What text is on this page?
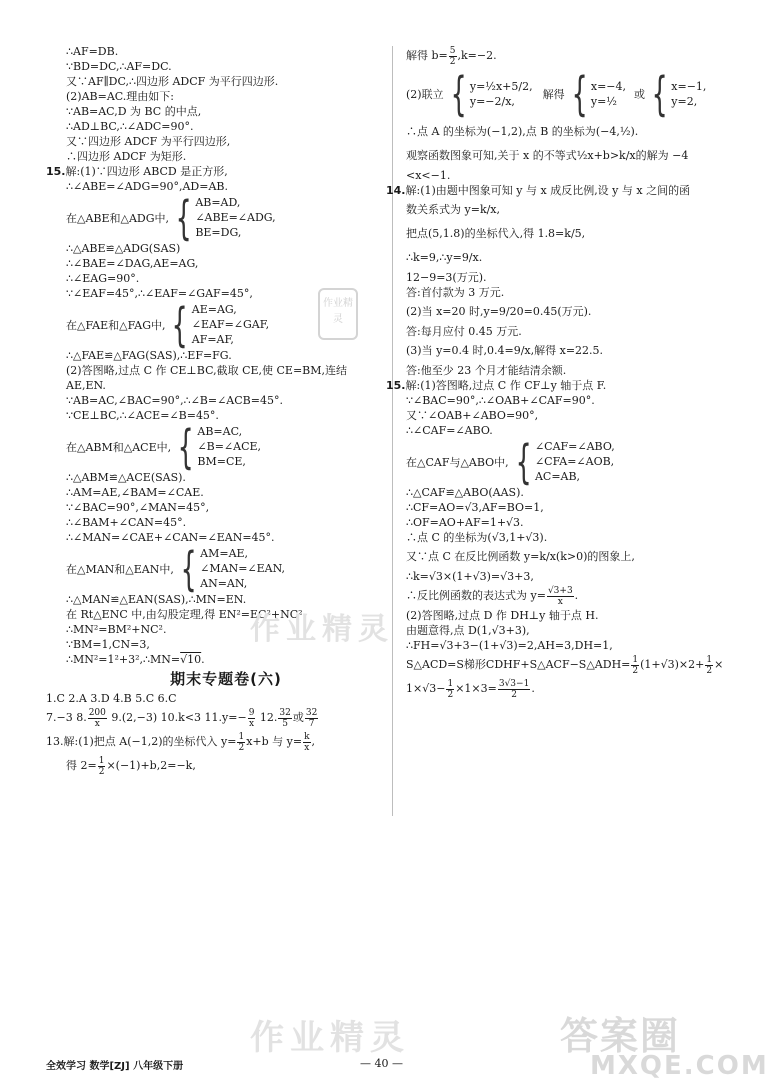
∴AF=DB.
∵BD=DC,∴AF=DC.
又∵AF∥DC,∴四边形 ADCF 为平行四边形.
(2)AB=AC.理由如下:
∵AB=AC,D 为 BC 的中点,
∴AD⊥BC,∴∠ADC=90°.
又∵四边形 ADCF 为平行四边形,
∴四边形 ADCF 为矩形.
15.解:(1)∵四边形 ABCD 是正方形,
∴∠ABE=∠ADG=90°,AD=AB.
在△ABE和△ADG中, { AB=AD,
∠ABE=∠ADG,
BE=DG,
∴△ABE≌△ADG(SAS)
∴∠BAE=∠DAG,AE=AG,
∴∠EAG=90°.
∵∠EAF=45°,∴∠EAF=∠GAF=45°,
在△FAE和△FAG中, { AE=AG,
∠EAF=∠GAF,
AF=AF,
∴△FAE≌△FAG(SAS),∴EF=FG.
(2)答图略,过点 C 作 CE⊥BC,截取 CE,使 CE=BM,连结
AE,EN.
∵AB=AC,∠BAC=90°,∴∠B=∠ACB=45°.
∵CE⊥BC,∴∠ACE=∠B=45°.
在△ABM和△ACE中, { AB=AC,
∠B=∠ACE,
BM=CE,
∴△ABM≌△ACE(SAS).
∴AM=AE,∠BAM=∠CAE.
∵∠BAC=90°,∠MAN=45°,
∴∠BAM+∠CAN=45°.
∴∠MAN=∠CAE+∠CAN=∠EAN=45°.
在△MAN和△EAN中, { AM=AE,
∠MAN=∠EAN,
AN=AN,
∴△MAN≌△EAN(SAS),∴MN=EN.
在 Rt△ENC 中,由勾股定理,得 EN²=EC²+NC².
∴MN²=BM²+NC².
∵BM=1,CN=3,
∴MN²=1²+3²,∴MN=√10.
期末专题卷(六)
1.C 2.A 3.D 4.B 5.C 6.C
7.−3 8. $\frac{200}{x} 9.(2,-3)$ 10.k<3 $11.y=- \frac{9}{x} 12$. $\frac{32}{5}$ 或 $\frac{32}{7}$
13.解:(1)把点 A(−1,2)的坐标代入 $y= \frac{1}{2} x+b$ 与 $y= \frac{k}{x}$ ,
得 $2= \frac{1}{2} \times(-1)+b,2=-k$,
解得 $b= \frac{5}{2} ,k=-2$.
(2)联立 { y=½x+5/2,
y=−2/x,
解得 { x=−4,
y=½
或 { x=−1,
y=2,
∴点 A 的坐标为(−1,2),点 B 的坐标为(−4,½).
观察函数图象可知,关于 x 的不等式½x+b>k/x的解为 −4
<x<−1.
14.解:(1)由题中图象可知 y 与 x 成反比例,设 y 与 x 之间的函
数关系式为 y=k/x,
把点(5,1.8)的坐标代入,得 1.8=k/5,
∴k=9,∴y=9/x.
12−9=3(万元).
答:首付款为 3 万元.
(2)当 x=20 时,y=9/20=0.45(万元).
答:每月应付 0.45 万元.
(3)当 y=0.4 时,0.4=9/x,解得 x=22.5.
答:他至少 23 个月才能结清余额.
15.解:(1)答图略,过点 C 作 CF⊥y 轴于点 F.
∵∠BAC=90°,∴∠OAB+∠CAF=90°.
又∵∠OAB+∠ABO=90°,
∴∠CAF=∠ABO.
在△CAF与△ABO中, { ∠CAF=∠ABO,
∠CFA=∠AOB,
AC=AB,
∴△CAF≌△ABO(AAS).
∴CF=AO=√3,AF=BO=1,
∴OF=AO+AF=1+√3.
∴点 C 的坐标为(√3,1+√3).
又∵点 C 在反比例函数 y=k/x(k>0)的图象上,
∴k=√3×(1+√3)=√3+3,
∴反比例函数的表达式为 $y= \frac{√3+3}{x}$ .
(2)答图略,过点 D 作 DH⊥y 轴于点 H.
由题意得,点 D(1,√3+3),
∴FH=√3+3−(1+√3)=2,AH=3,DH=1,
S△ACD=S梯形CDHF+S△ACF−S△ADH= $\frac{1}{2} (1+√3)\times 2+ \frac{1}{2}$ ×
$1\times√3- \frac{1}{2} \times 1\times 3= \frac{3√3-1}{2}$ .
作业精灵
作业精灵
作业精灵	答案圈
MXQE.COM
全效学习 数学[ZJ] 八年级下册	— 40 —
